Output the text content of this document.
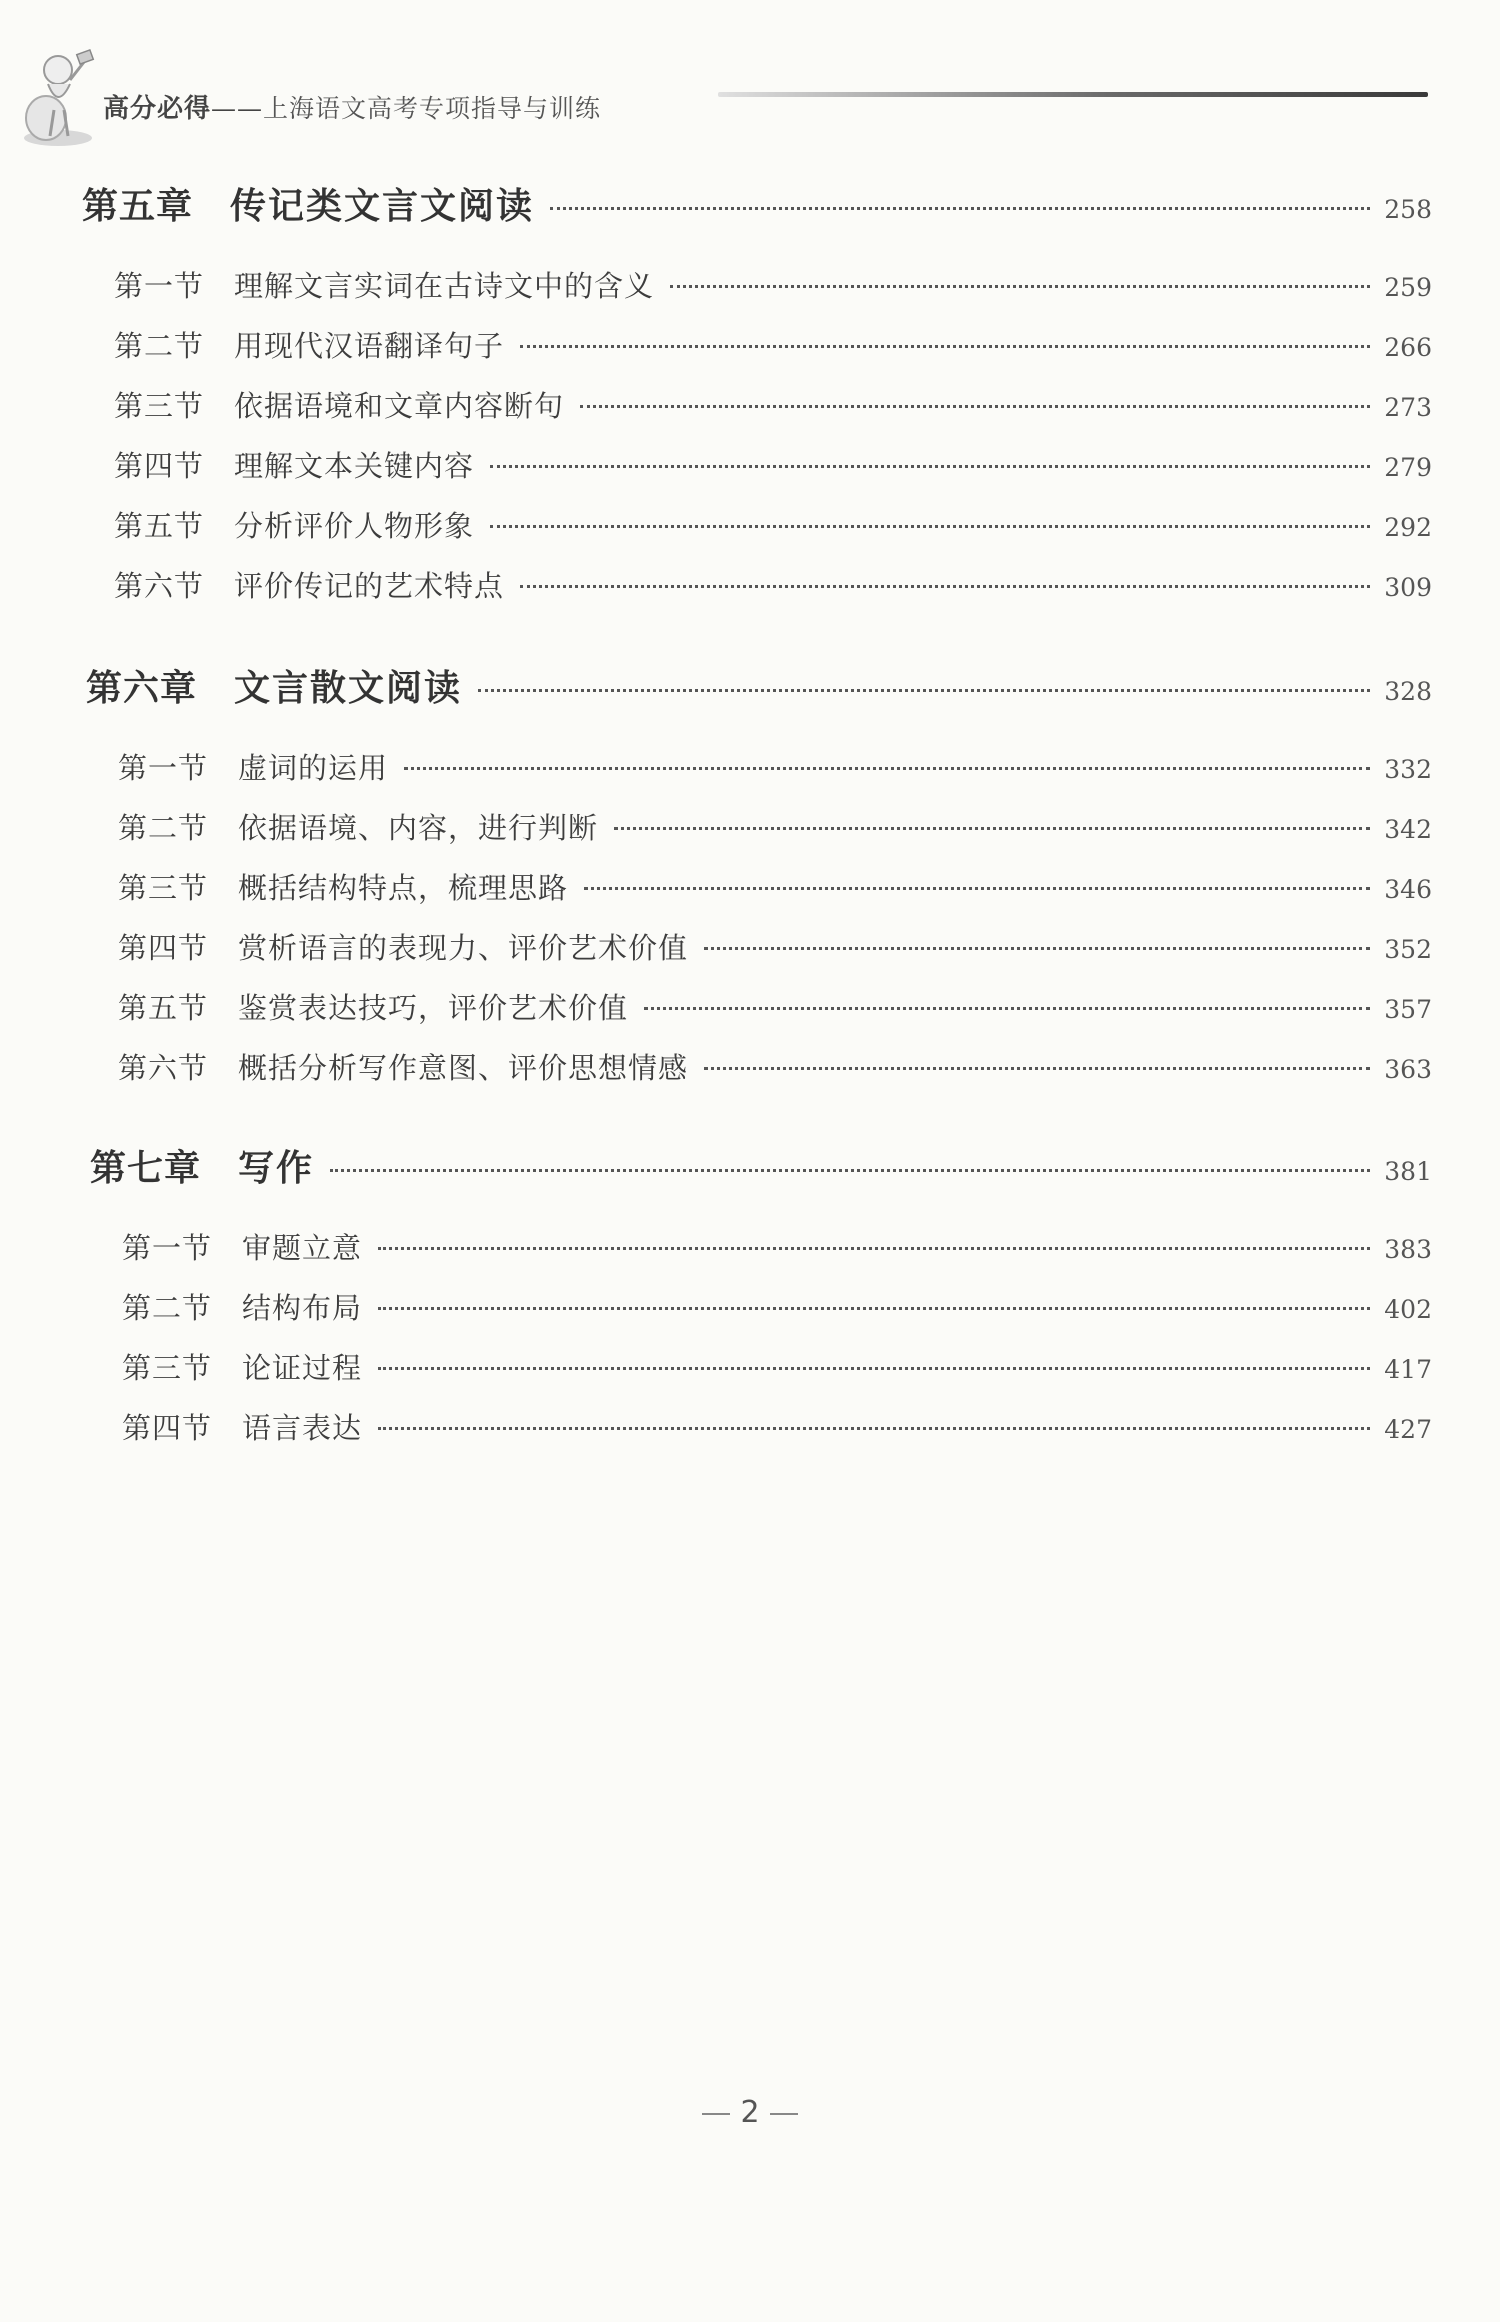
高分必得——上海语文高考专项指导与训练
第五章	传记类文言文阅读	258
第一节	理解文言实词在古诗文中的含义	259
第二节	用现代汉语翻译句子	266
第三节	依据语境和文章内容断句	273
第四节	理解文本关键内容	279
第五节	分析评价人物形象	292
第六节	评价传记的艺术特点	309
第六章	文言散文阅读	328
第一节	虚词的运用	332
第二节	依据语境、内容，进行判断	342
第三节	概括结构特点，梳理思路	346
第四节	赏析语言的表现力、评价艺术价值	352
第五节	鉴赏表达技巧，评价艺术价值	357
第六节	概括分析写作意图、评价思想情感	363
第七章	写作	381
第一节	审题立意	383
第二节	结构布局	402
第三节	论证过程	417
第四节	语言表达	427
2
